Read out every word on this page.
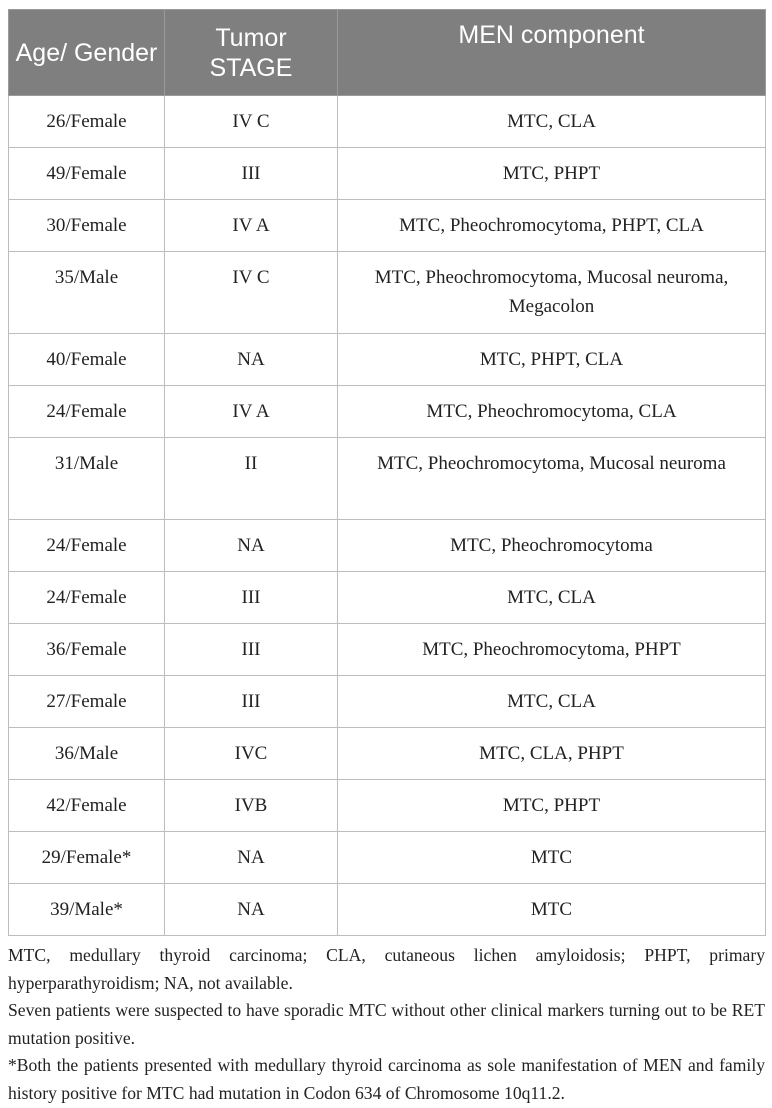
Age/ Gender	Tumor STAGE	MEN component
26/Female	IV C	MTC, CLA
49/Female	III	MTC, PHPT
30/Female	IV A	MTC, Pheochromocytoma, PHPT, CLA
35/Male	IV C	MTC, Pheochromocytoma, Mucosal neuroma, Megacolon
40/Female	NA	MTC, PHPT, CLA
24/Female	IV A	MTC, Pheochromocytoma, CLA
31/Male	II	MTC, Pheochromocytoma, Mucosal neuroma
24/Female	NA	MTC, Pheochromocytoma
24/Female	III	MTC, CLA
36/Female	III	MTC, Pheochromocytoma, PHPT
27/Female	III	MTC, CLA
36/Male	IVC	MTC, CLA, PHPT
42/Female	IVB	MTC, PHPT
29/Female*	NA	MTC
39/Male*	NA	MTC

MTC, medullary thyroid carcinoma; CLA, cutaneous lichen amyloidosis; PHPT, primary hyperparathyroidism; NA, not available.

Seven patients were suspected to have sporadic MTC without other clinical markers turning out to be RET mutation positive.

*Both the patients presented with medullary thyroid carcinoma as sole manifestation of MEN and family history positive for MTC had mutation in Codon 634 of Chromosome 10q11.2.
